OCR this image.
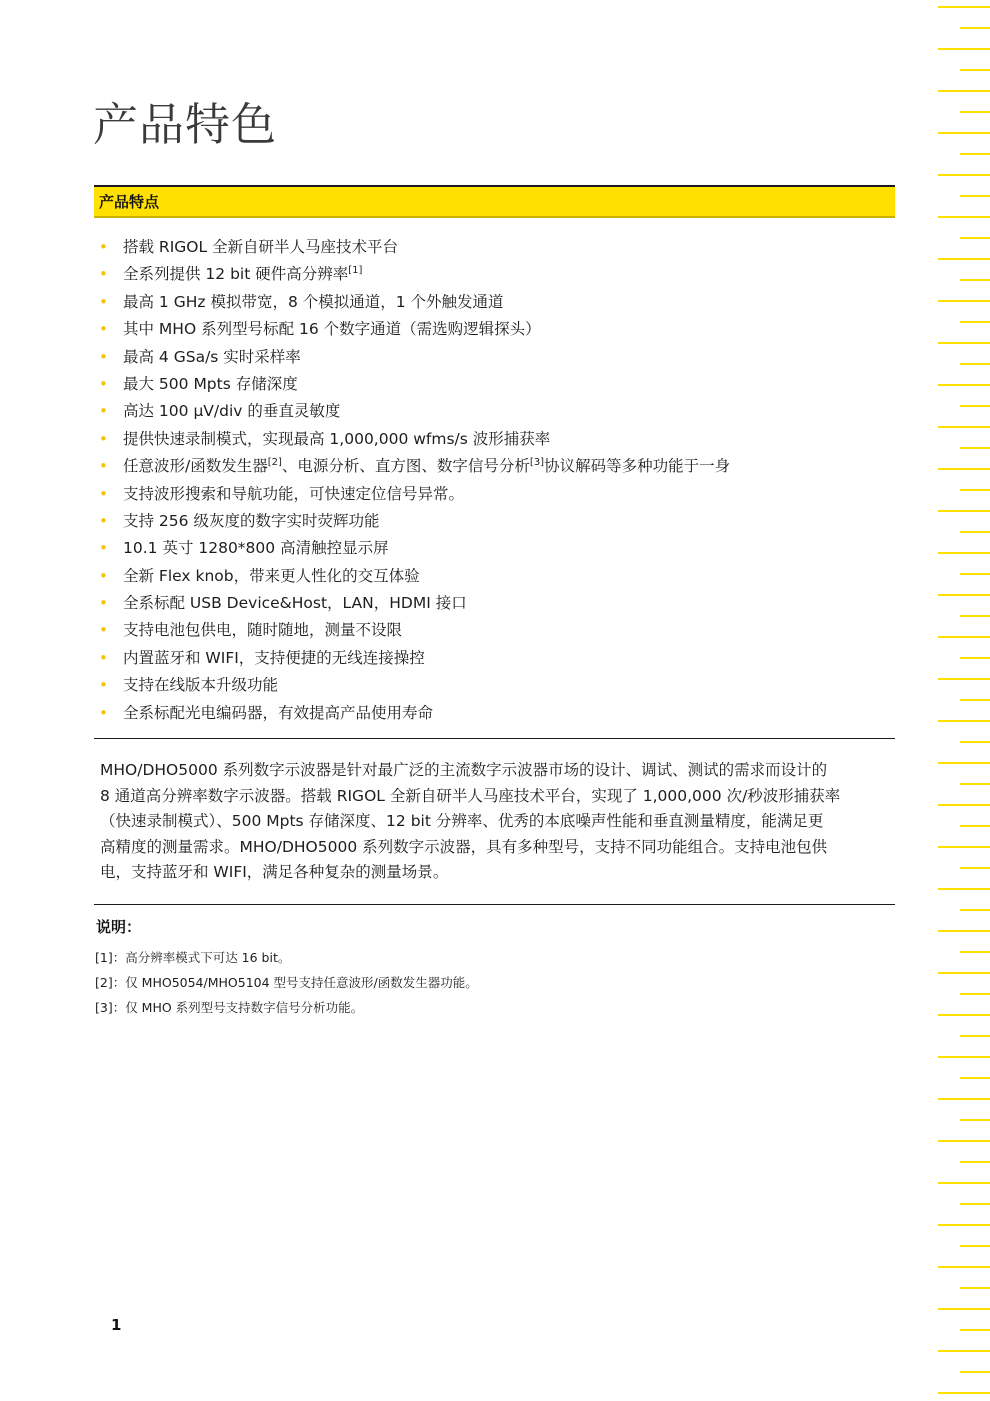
产品特色
产品特点
• 搭载 RIGOL 全新自研半人马座技术平台
• 全系列提供 12 bit 硬件高分辨率[1]
• 最高 1 GHz 模拟带宽，8 个模拟通道，1 个外触发通道
• 其中 MHO 系列型号标配 16 个数字通道（需选购逻辑探头）
• 最高 4 GSa/s 实时采样率
• 最大 500 Mpts 存储深度
• 高达 100 μV/div 的垂直灵敏度
• 提供快速录制模式，实现最高 1,000,000 wfms/s 波形捕获率
• 任意波形/函数发生器[2]、电源分析、直方图、数字信号分析[3]协议解码等多种功能于一身
• 支持波形搜索和导航功能，可快速定位信号异常。
• 支持 256 级灰度的数字实时荧辉功能
• 10.1 英寸 1280*800 高清触控显示屏
• 全新 Flex knob，带来更人性化的交互体验
• 全系标配 USB Device&Host，LAN，HDMI 接口
• 支持电池包供电，随时随地，测量不设限
• 内置蓝牙和 WIFI，支持便捷的无线连接操控
• 支持在线版本升级功能
• 全系标配光电编码器，有效提高产品使用寿命

MHO/DHO5000 系列数字示波器是针对最广泛的主流数字示波器市场的设计、调试、测试的需求而设计的
8 通道高分辨率数字示波器。搭载 RIGOL 全新自研半人马座技术平台，实现了 1,000,000 次/秒波形捕获率
（快速录制模式）、500 Mpts 存储深度、12 bit 分辨率、优秀的本底噪声性能和垂直测量精度，能满足更
高精度的测量需求。MHO/DHO5000 系列数字示波器，具有多种型号，支持不同功能组合。支持电池包供
电，支持蓝牙和 WIFI，满足各种复杂的测量场景。

说明：

[1]：高分辨率模式下可达 16 bit。

[2]：仅 MHO5054/MHO5104 型号支持任意波形/函数发生器功能。

[3]：仅 MHO 系列型号支持数字信号分析功能。

1
